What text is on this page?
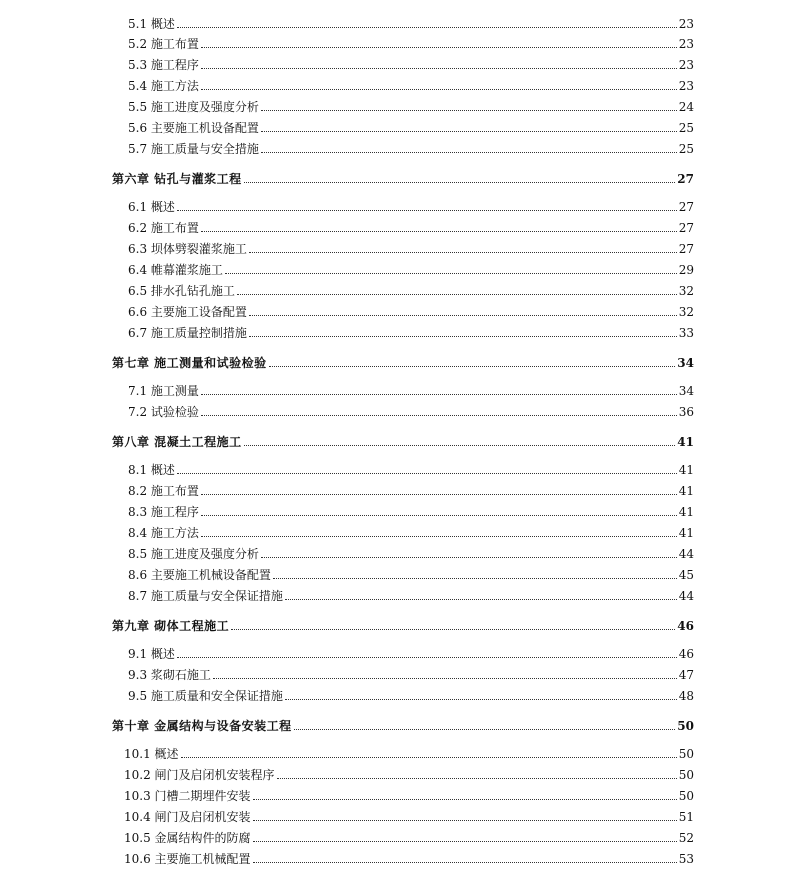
5.1 概述	23
5.2 施工布置	23
5.3 施工程序	23
5.4 施工方法	23
5.5 施工进度及强度分析	24
5.6 主要施工机设备配置	25
5.7 施工质量与安全措施	25
第六章 钻孔与灌浆工程	27
6.1 概述	27
6.2 施工布置	27
6.3 坝体劈裂灌浆施工	27
6.4 帷幕灌浆施工	29
6.5 排水孔钻孔施工	32
6.6 主要施工设备配置	32
6.7 施工质量控制措施	33
第七章 施工测量和试验检验	34
7.1 施工测量	34
7.2 试验检验	36
第八章 混凝土工程施工	41
8.1 概述	41
8.2 施工布置	41
8.3 施工程序	41
8.4 施工方法	41
8.5 施工进度及强度分析	44
8.6 主要施工机械设备配置	45
8.7 施工质量与安全保证措施	44
第九章 砌体工程施工	46
9.1 概述	46
9.3 浆砌石施工	47
9.5 施工质量和安全保证措施	48
第十章 金属结构与设备安装工程	50
10.1 概述	50
10.2 闸门及启闭机安装程序	50
10.3 门槽二期埋件安装	50
10.4 闸门及启闭机安装	51
10.5 金属结构件的防腐	52
10.6 主要施工机械配置	53
